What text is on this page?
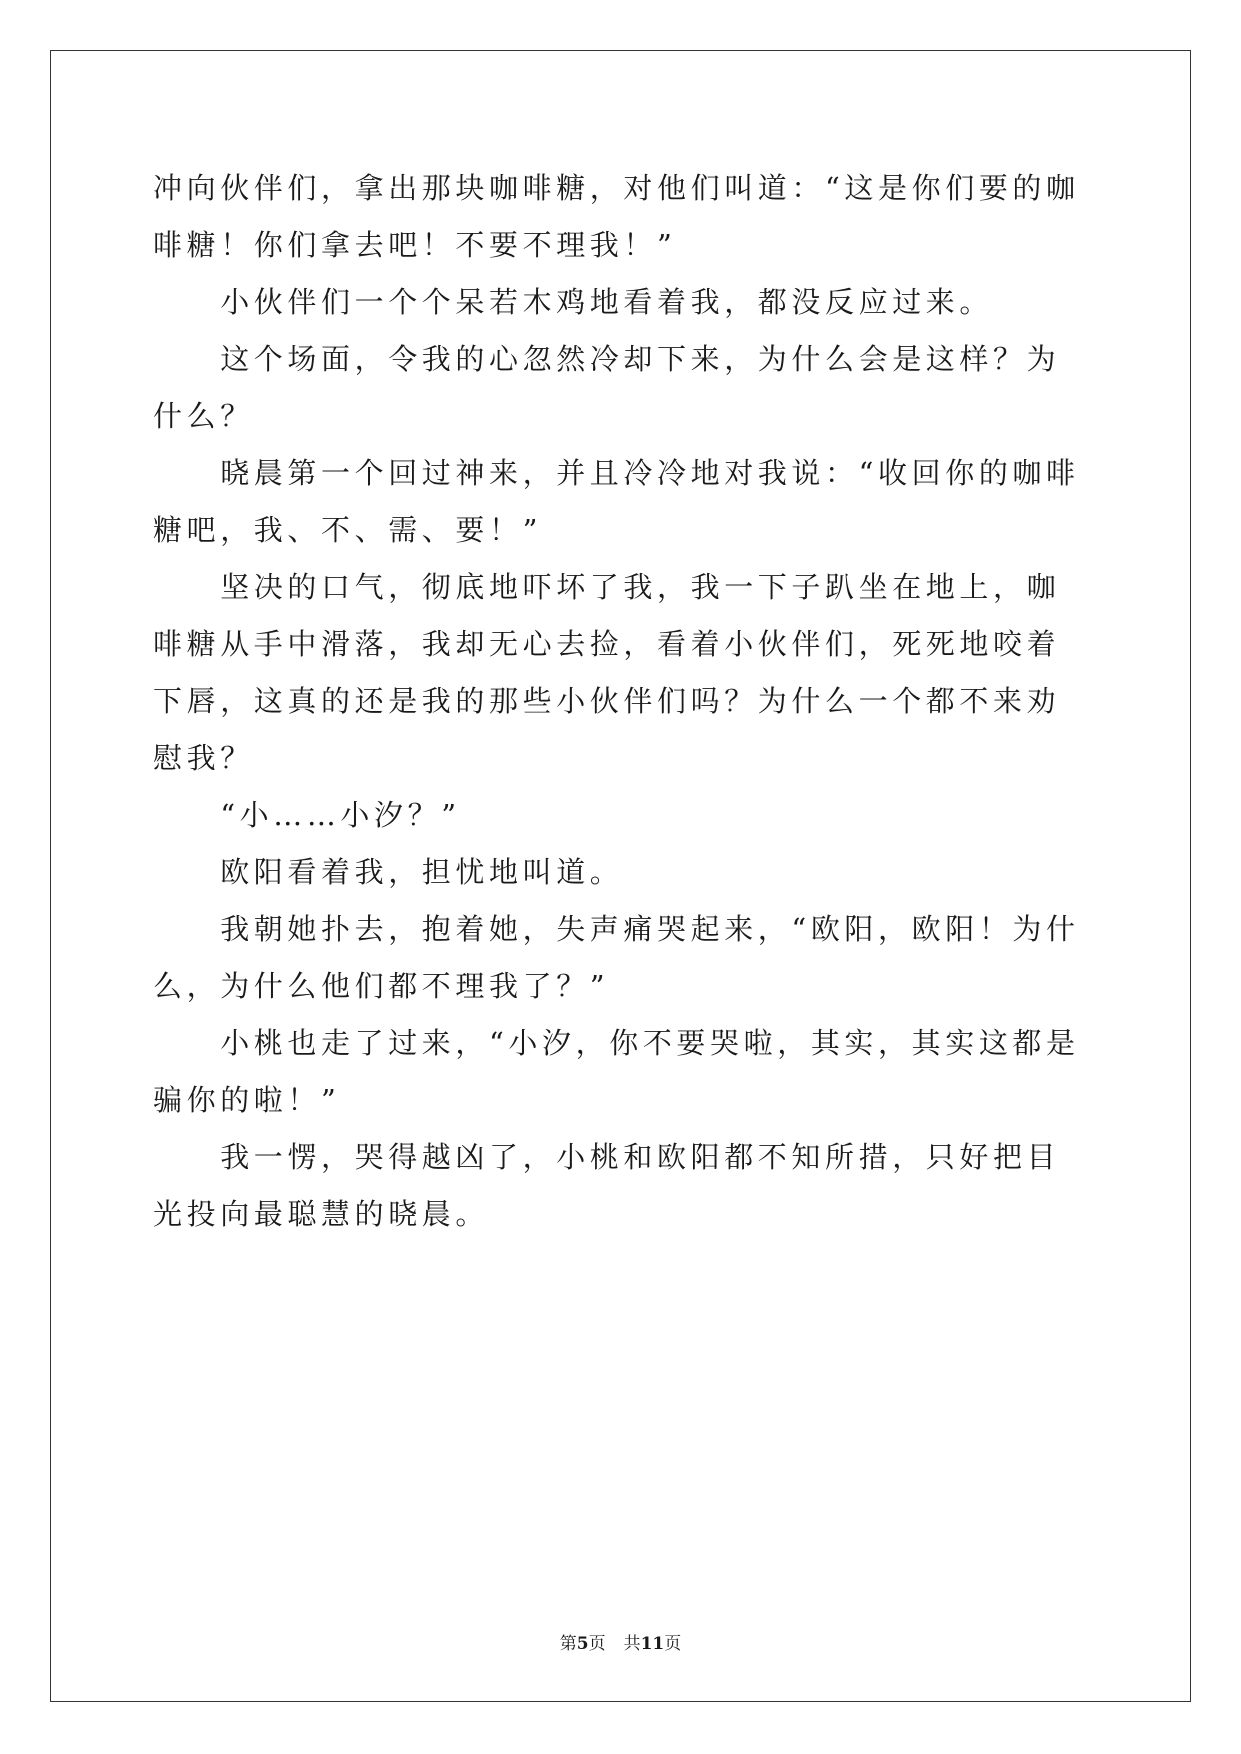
冲向伙伴们，拿出那块咖啡糖，对他们叫道：“这是你们要的咖啡糖！你们拿去吧！不要不理我！”

　　小伙伴们一个个呆若木鸡地看着我，都没反应过来。

　　这个场面，令我的心忽然冷却下来，为什么会是这样？为什么？

　　晓晨第一个回过神来，并且冷冷地对我说：“收回你的咖啡糖吧，我、不、需、要！”

　　坚决的口气，彻底地吓坏了我，我一下子趴坐在地上，咖啡糖从手中滑落，我却无心去捡，看着小伙伴们，死死地咬着下唇，这真的还是我的那些小伙伴们吗？为什么一个都不来劝慰我？

　　“小……小汐？”

　　欧阳看着我，担忧地叫道。

　　我朝她扑去，抱着她，失声痛哭起来，“欧阳，欧阳！为什么，为什么他们都不理我了？”

　　小桃也走了过来，“小汐，你不要哭啦，其实，其实这都是骗你的啦！”

　　我一愣，哭得越凶了，小桃和欧阳都不知所措，只好把目光投向最聪慧的晓晨。

第5页 共11页
